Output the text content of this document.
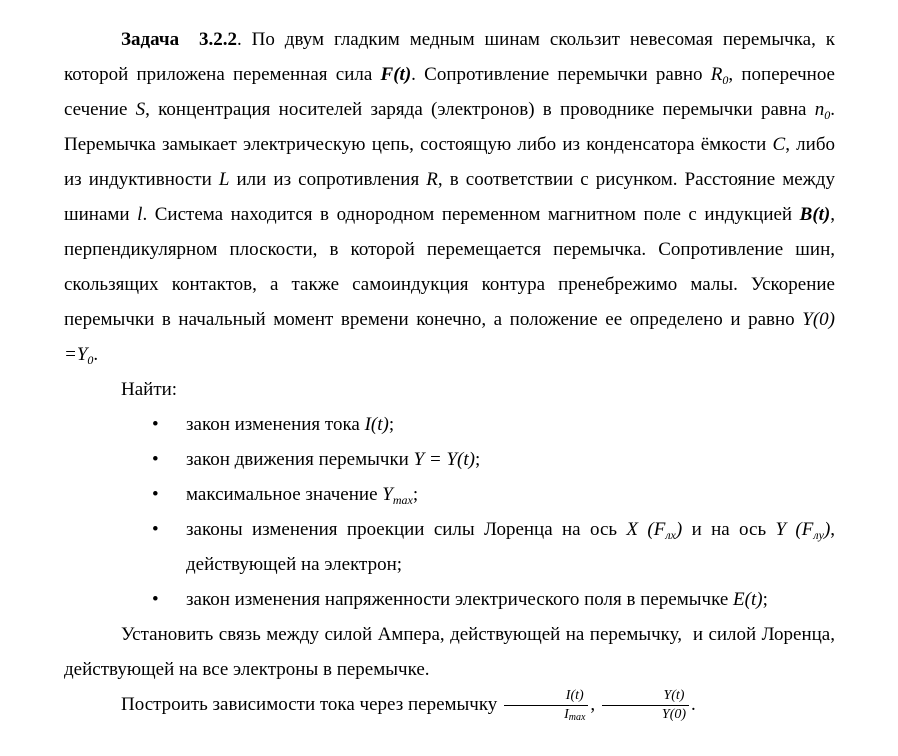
Задача  3.2.2. По двум гладким медным шинам скользит невесомая перемычка, к которой приложена переменная сила F(t). Сопротивление перемычки равно $R_0$, поперечное сечение S, концентрация носителей заряда (электронов) в проводнике перемычки равна $n_0$. Перемычка замыкает электрическую цепь, состоящую либо из конденсатора ёмкости C, либо из индуктивности L или из сопротивления R, в соответствии с рисунком. Расстояние между шинами l. Система находится в однородном переменном магнитном поле с индукцией B(t), перпендикулярном плоскости, в которой перемещается перемычка. Сопротивление шин, скользящих контактов, а также самоиндукция контура пренебрежимо малы. Ускорение перемычки в начальный момент времени конечно, а положение ее определено и равно $Y(0) =Y_0$.
Найти:
• закон изменения тока I(t);
• закон движения перемычки Y = Y(t);
• максимальное значение $Y_{max}$;
• законы изменения проекции силы Лоренца на ось X $(F_{лx})$ и на ось Y $(F_{лy})$, действующей на электрон;
• закон изменения напряженности электрического поля в перемычке E(t);
Установить связь между силой Ампера, действующей на перемычку,  и силой Лоренца, действующей на все электроны в перемычке.
Построить зависимости тока через перемычку $\frac{I(t)}{I_{max}}$ , $\frac{Y(t)}{Y(0)}$ .
